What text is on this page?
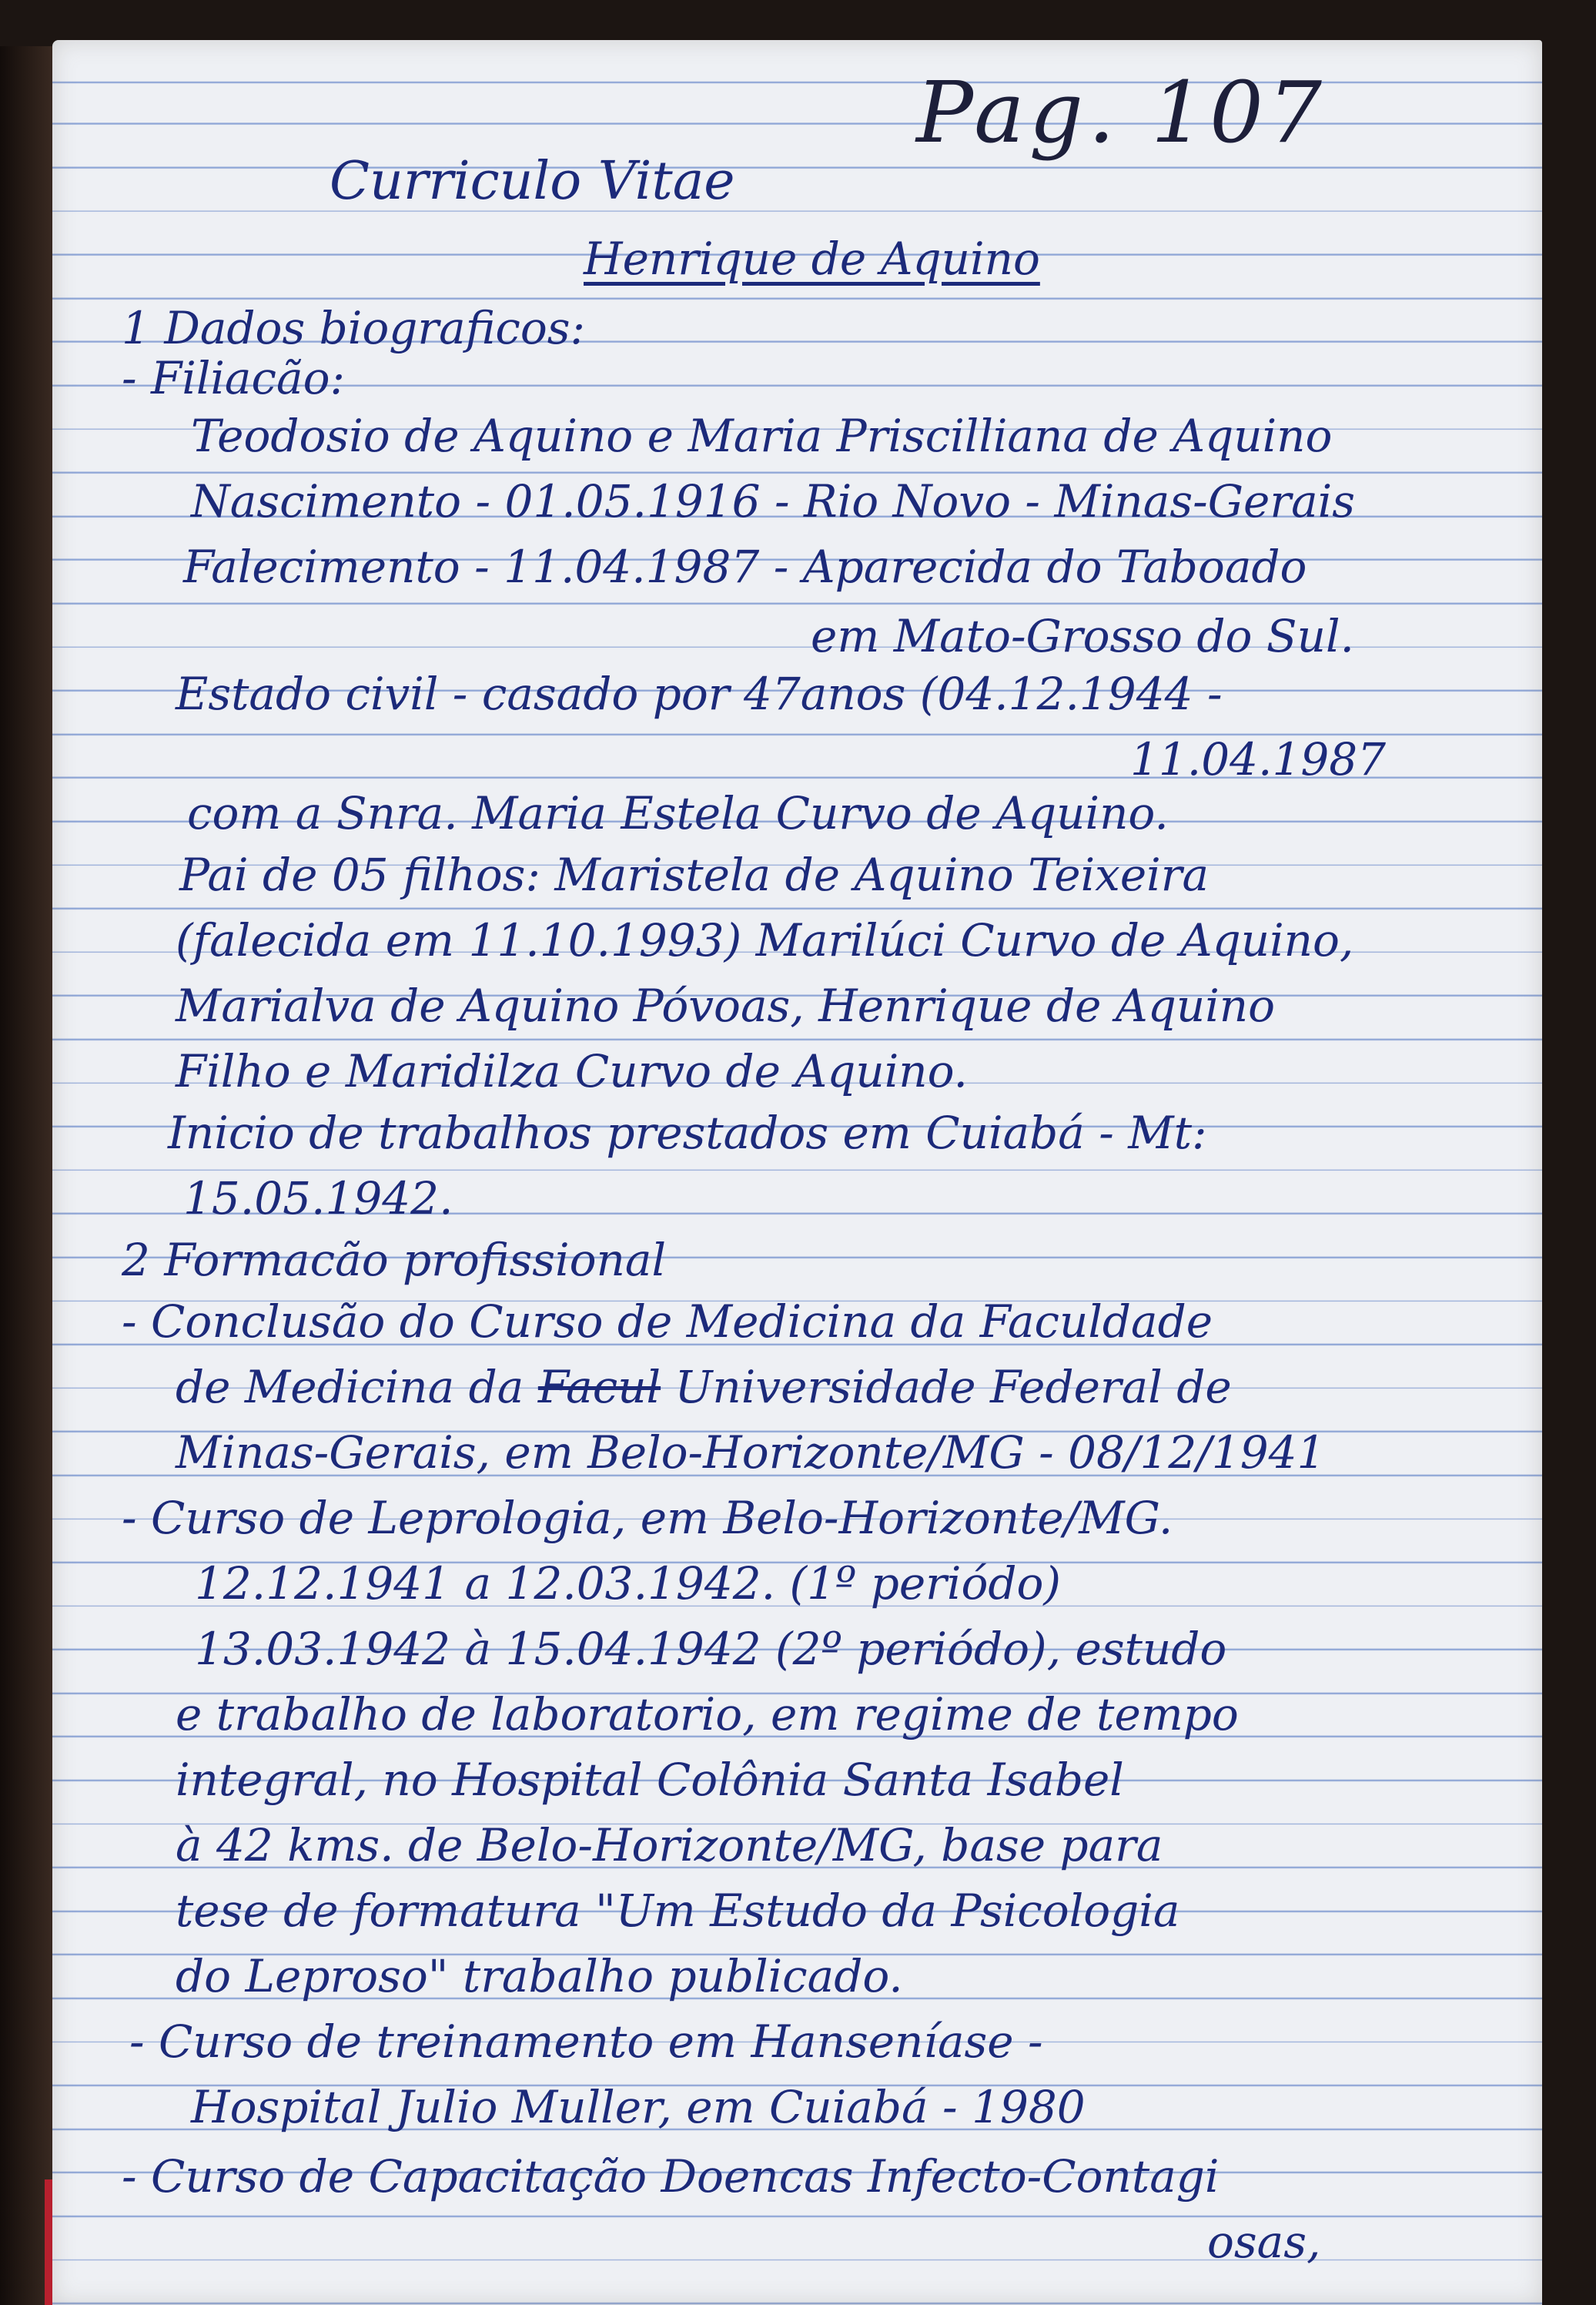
Pag. 107
Curriculo Vitae
Henrique de Aquino
1 Dados biograficos:
- Filiacão:
Teodosio de Aquino e Maria Priscilliana de Aquino
Nascimento - 01.05.1916 - Rio Novo - Minas-Gerais
Falecimento - 11.04.1987 - Aparecida do Taboado
em Mato-Grosso do Sul.
Estado civil - casado por 47anos (04.12.1944 -
11.04.1987
com a Snra. Maria Estela Curvo de Aquino.
Pai de 05 filhos: Maristela de Aquino Teixeira
(falecida em 11.10.1993) Marilúci Curvo de Aquino,
Marialva de Aquino Póvoas, Henrique de Aquino
Filho e Maridilza Curvo de Aquino.
Inicio de trabalhos prestados em Cuiabá - Mt:
15.05.1942.
2 Formacão profissional
- Conclusão do Curso de Medicina da Faculdade
de Medicina da Facul Universidade Federal de
Minas-Gerais, em Belo-Horizonte/MG - 08/12/1941
- Curso de Leprologia, em Belo-Horizonte/MG.
12.12.1941 a 12.03.1942. (1º periódo)
13.03.1942 à 15.04.1942 (2º periódo), estudo
e trabalho de laboratorio, em regime de tempo
integral, no Hospital Colônia Santa Isabel
à 42 kms. de Belo-Horizonte/MG, base para
tese de formatura "Um Estudo da Psicologia
do Leproso" trabalho publicado.
- Curso de treinamento em Hanseníase -
Hospital Julio Muller, em Cuiabá - 1980
- Curso de Capacitação Doencas Infecto-Contagi
osas,
